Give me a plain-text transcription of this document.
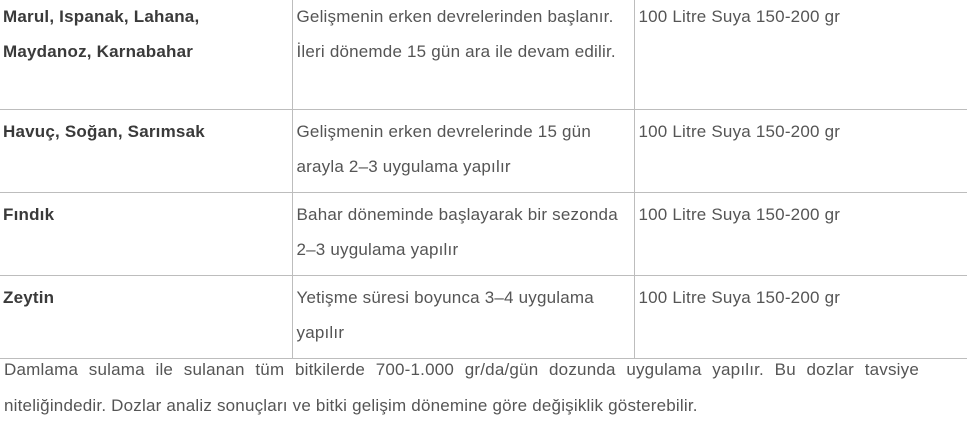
Marul, Ispanak, Lahana, Maydanoz, Karnabahar	Gelişmenin erken devrelerinden başlanır. İleri dönemde 15 gün ara ile devam edilir.	100 Litre Suya 150-200 gr

Havuç, Soğan, Sarımsak	Gelişmenin erken devrelerinde 15 gün arayla 2–3 uygulama yapılır	100 Litre Suya 150-200 gr

Fındık	Bahar döneminde başlayarak bir sezonda 2–3 uygulama yapılır	100 Litre Suya 150-200 gr

Zeytin	Yetişme süresi boyunca 3–4 uygulama yapılır	100 Litre Suya 150-200 gr

Damlama sulama ile sulanan tüm bitkilerde 700-1.000 gr/da/gün dozunda uygulama yapılır. Bu dozlar tavsiye niteliğindedir. Dozlar analiz sonuçları ve bitki gelişim dönemine göre değişiklik gösterebilir.
